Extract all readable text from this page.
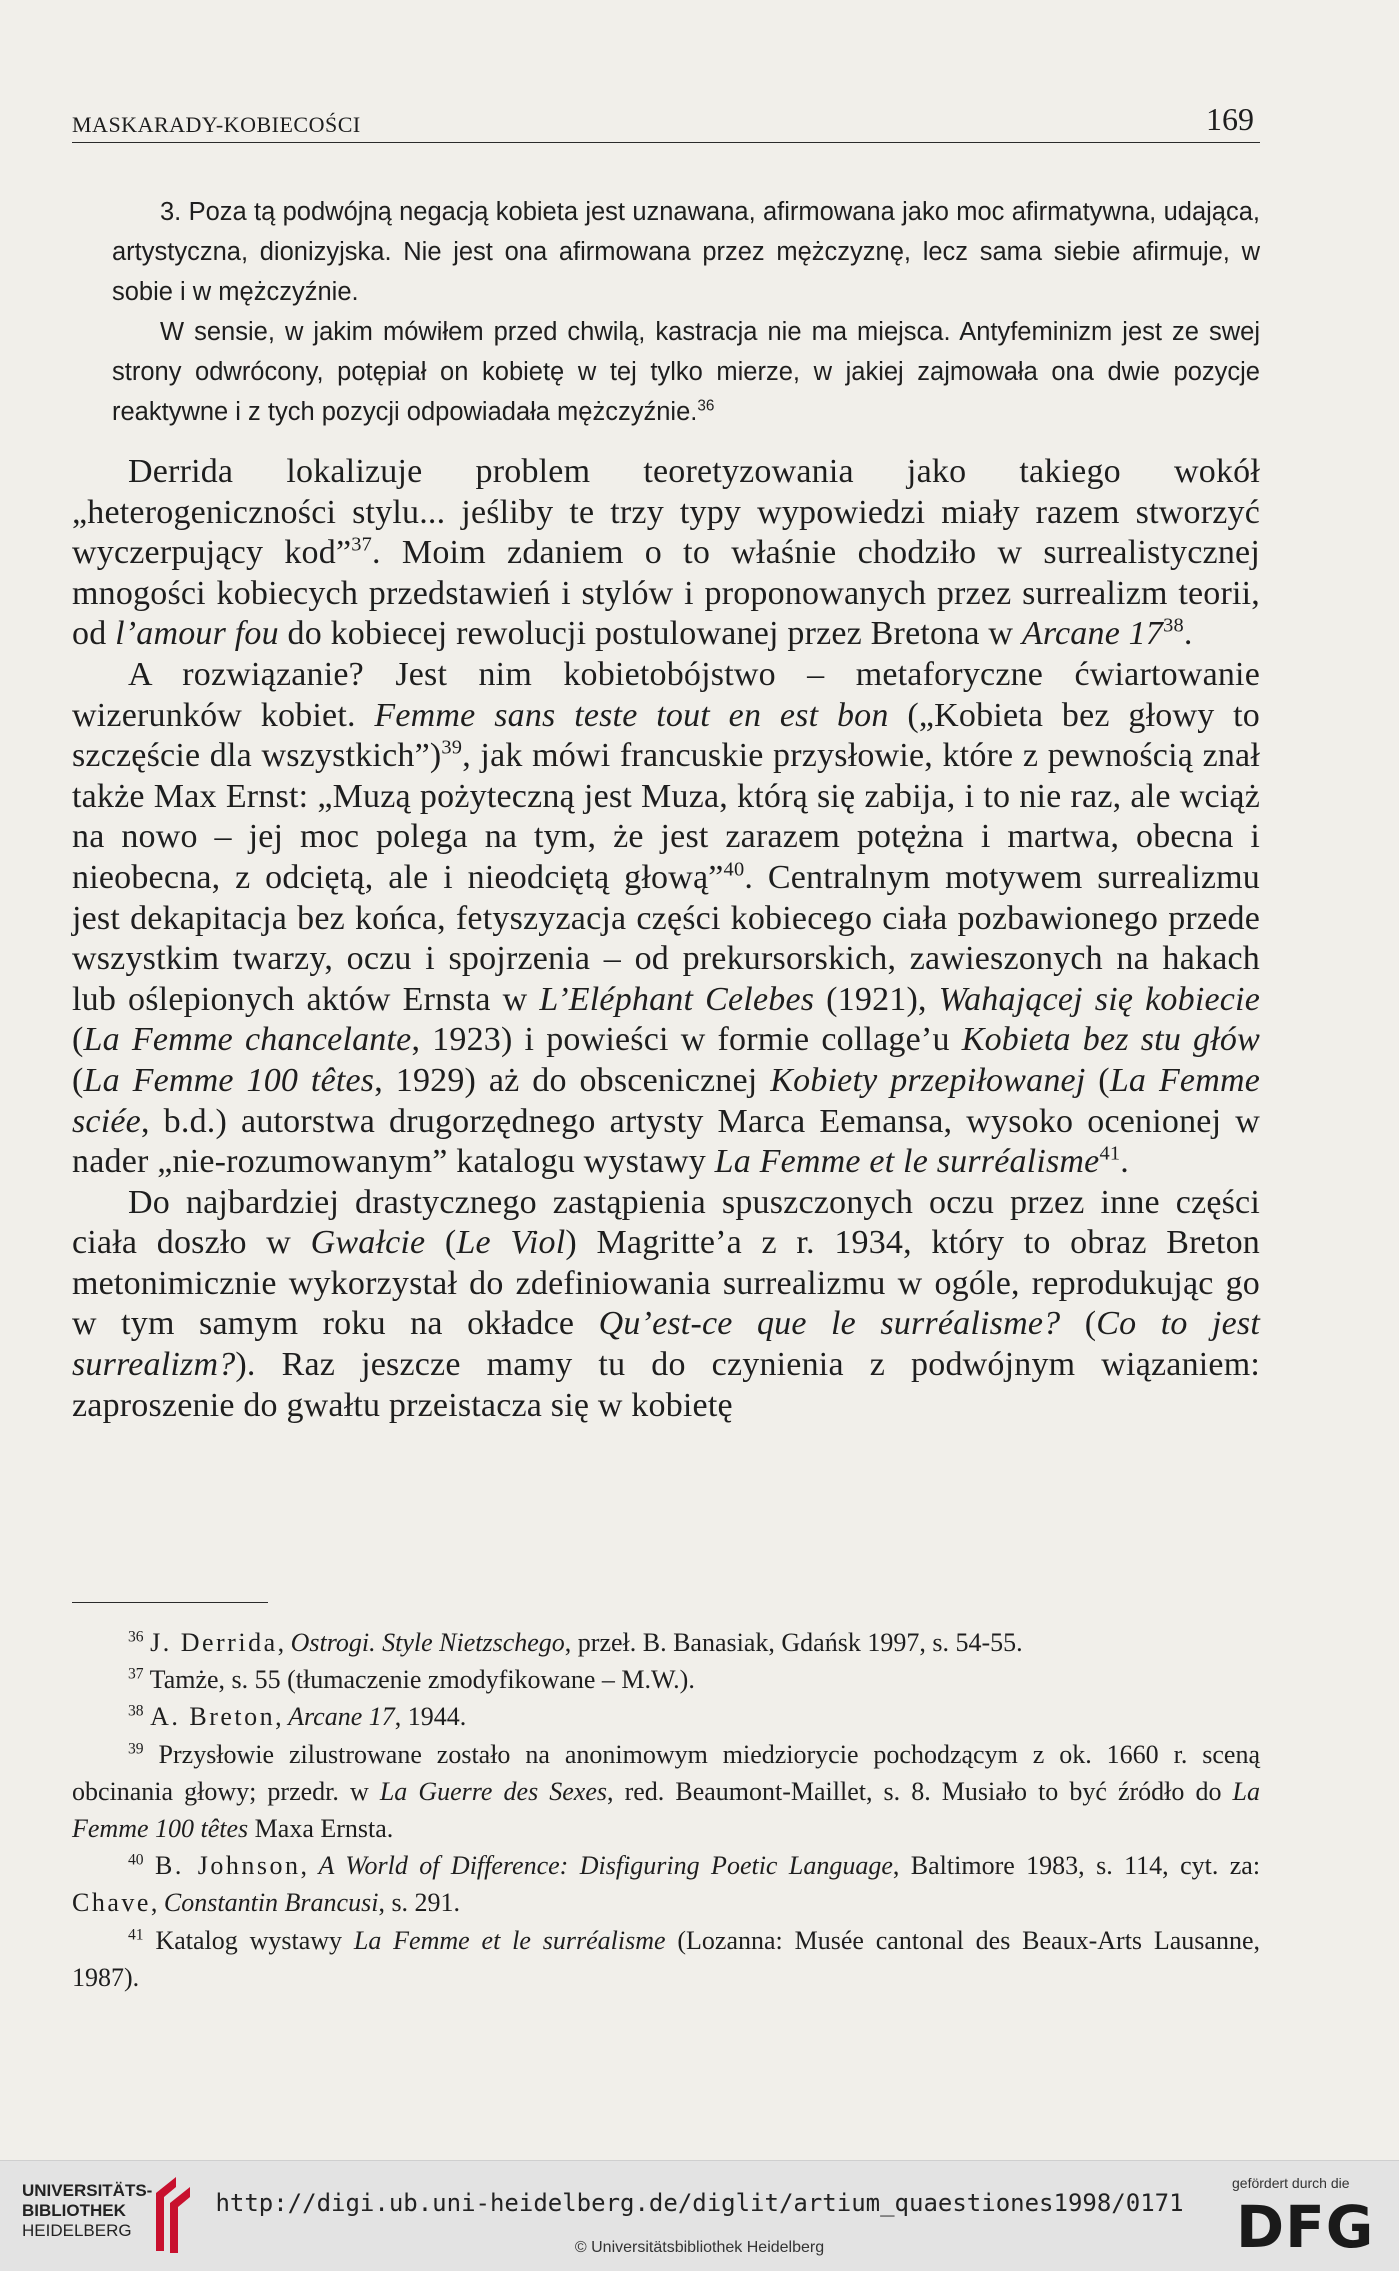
MASKARADY-KOBIECOŚCI	169

3. Poza tą podwójną negacją kobieta jest uznawana, afirmowana jako moc afirmatywna, udająca, artystyczna, dionizyjska. Nie jest ona afirmowana przez mężczyznę, lecz sama siebie afirmuje, w sobie i w mężczyźnie.

W sensie, w jakim mówiłem przed chwilą, kastracja nie ma miejsca. Antyfeminizm jest ze swej strony odwrócony, potępiał on kobietę w tej tylko mierze, w jakiej zajmowała ona dwie pozycje reaktywne i z tych pozycji odpowiadała mężczyźnie.$^{36}$

Derrida lokalizuje problem teoretyzowania jako takiego wokół „heterogeniczności stylu... jeśliby te trzy typy wypowiedzi miały razem stworzyć wyczerpujący kod”$^{37}$. Moim zdaniem o to właśnie chodziło w surrealistycznej mnogości kobiecych przedstawień i stylów i proponowanych przez surrealizm teorii, od l’amour fou do kobiecej rewolucji postulowanej przez Bretona w Arcane $17^{38}$.

A rozwiązanie? Jest nim kobietobójstwo – metaforyczne ćwiartowanie wizerunków kobiet. Femme sans teste tout en est bon („Kobieta bez głowy to szczęście dla wszystkich”)$^{39}$, jak mówi francuskie przysłowie, które z pewnością znał także Max Ernst: „Muzą pożyteczną jest Muza, którą się zabija, i to nie raz, ale wciąż na nowo – jej moc polega na tym, że jest zarazem potężna i martwa, obecna i nieobecna, z odciętą, ale i nieodciętą głową”$^{40}$. Centralnym motywem surrealizmu jest dekapitacja bez końca, fetyszyzacja części kobiecego ciała pozbawionego przede wszystkim twarzy, oczu i spojrzenia – od prekursorskich, zawieszonych na hakach lub oślepionych aktów Ernsta w L’Eléphant Celebes (1921), Wahającej się kobiecie (La Femme chancelante, 1923) i powieści w formie collage’u Kobieta bez stu głów (La Femme 100 têtes, 1929) aż do obscenicznej Kobiety przepiłowanej (La Femme sciée, b.d.) autorstwa drugorzędnego artysty Marca Eemansa, wysoko ocenionej w nader „nie-rozumowanym” katalogu wystawy La Femme et le surréalisme$^{41}$.

Do najbardziej drastycznego zastąpienia spuszczonych oczu przez inne części ciała doszło w Gwałcie (Le Viol) Magritte’a z r. 1934, który to obraz Breton metonimicznie wykorzystał do zdefiniowania surrealizmu w ogóle, reprodukując go w tym samym roku na okładce Qu’est-ce que le surréalisme? (Co to jest surrealizm?). Raz jeszcze mamy tu do czynienia z podwójnym wiązaniem: zaproszenie do gwałtu przeistacza się w kobietę

$^{36}$ J. Derrida, Ostrogi. Style Nietzschego, przeł. B. Banasiak, Gdańsk 1997, s. 54-55.

$^{37}$ Tamże, s. 55 (tłumaczenie zmodyfikowane – M.W.).

$^{38}$ A. Breton, Arcane 17, 1944.

$^{39}$ Przysłowie zilustrowane zostało na anonimowym miedziorycie pochodzącym z ok. 1660 r. sceną obcinania głowy; przedr. w La Guerre des Sexes, red. Beaumont-Maillet, s. 8. Musiało to być źródło do La Femme 100 têtes Maxa Ernsta.

$^{40}$ B. Johnson, A World of Difference: Disfiguring Poetic Language, Baltimore 1983, s. 114, cyt. za: Chave, Constantin Brancusi, s. 291.

$^{41}$ Katalog wystawy La Femme et le surréalisme (Lozanna: Musée cantonal des Beaux-Arts Lausanne, 1987).

UNIVERSITÄTS-
BIBLIOTHEK
HEIDELBERG
http://digi.ub.uni-heidelberg.de/diglit/artium_quaestiones1998/0171
© Universitätsbibliothek Heidelberg
gefördert durch die
DFG
